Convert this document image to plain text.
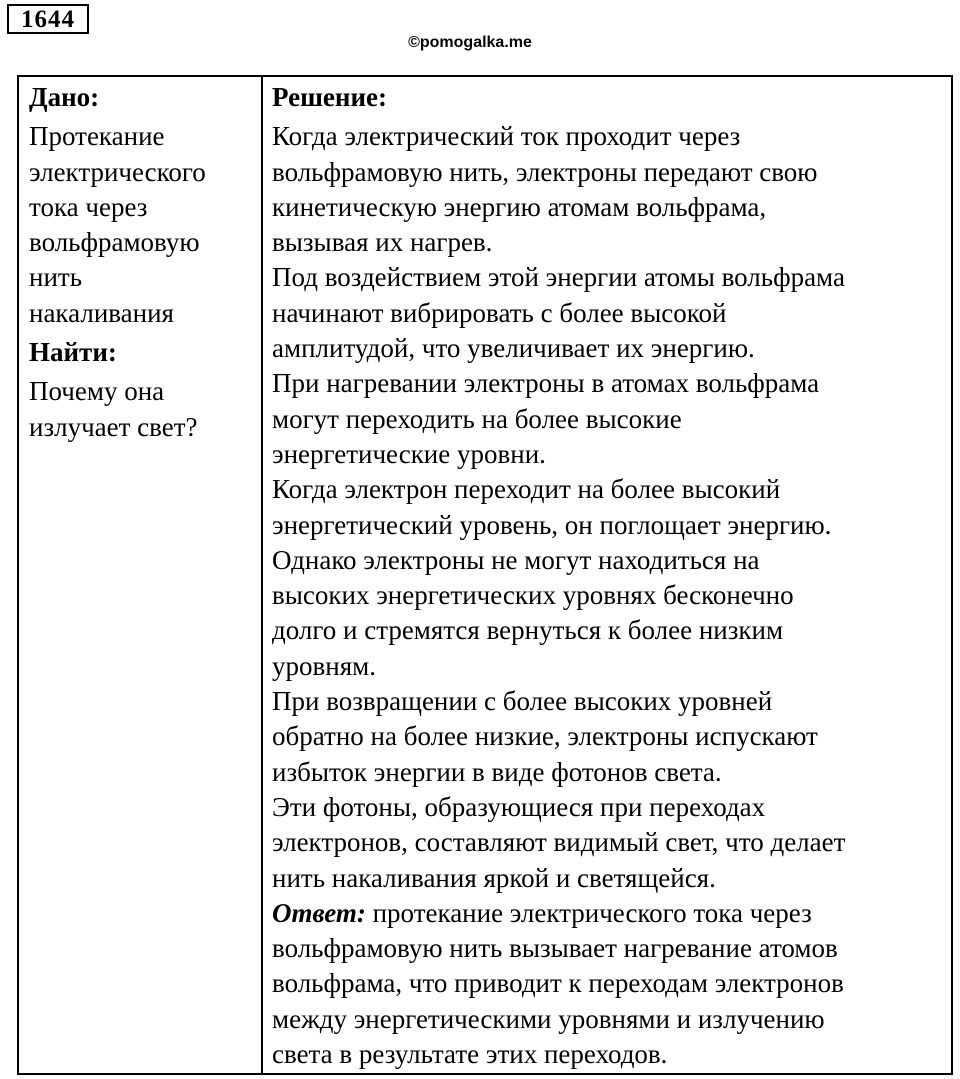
1644
©pomogalka.me

Дано:

Протекание
электрического
тока через
вольфрамовую
нить
накаливания

Найти:

Почему она
излучает свет?

Решение:

Когда электрический ток проходит через
вольфрамовую нить, электроны передают свою
кинетическую энергию атомам вольфрама,
вызывая их нагрев.
Под воздействием этой энергии атомы вольфрама
начинают вибрировать с более высокой
амплитудой, что увеличивает их энергию.
При нагревании электроны в атомах вольфрама
могут переходить на более высокие
энергетические уровни.
Когда электрон переходит на более высокий
энергетический уровень, он поглощает энергию.
Однако электроны не могут находиться на
высоких энергетических уровнях бесконечно
долго и стремятся вернуться к более низким
уровням.
При возвращении с более высоких уровней
обратно на более низкие, электроны испускают
избыток энергии в виде фотонов света.
Эти фотоны, образующиеся при переходах
электронов, составляют видимый свет, что делает
нить накаливания яркой и светящейся.
Ответ: протекание электрического тока через
вольфрамовую нить вызывает нагревание атомов
вольфрама, что приводит к переходам электронов
между энергетическими уровнями и излучению
света в результате этих переходов.
